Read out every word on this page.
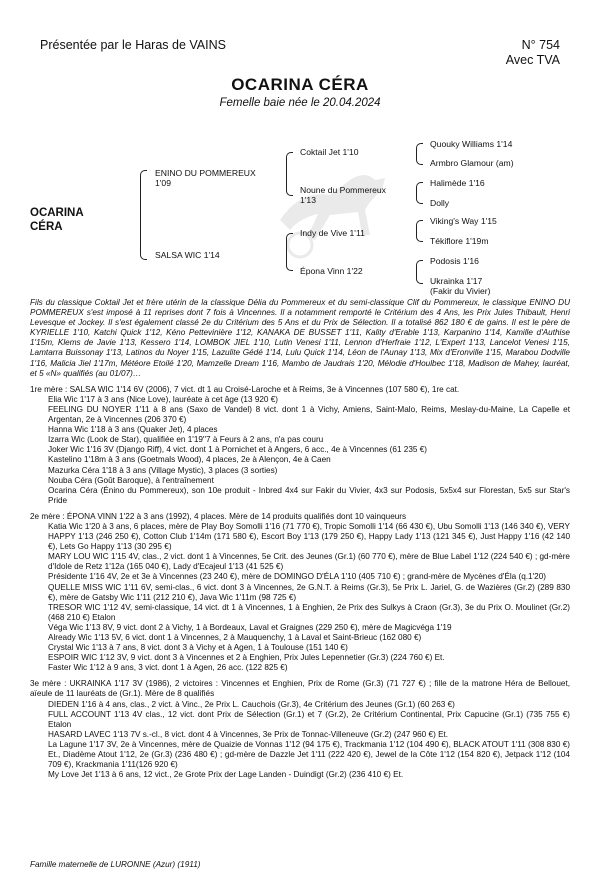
Présentée par le Haras de VAINS	N° 754
Avec TVA
OCARINA CÉRA
Femelle baie née le 20.04.2024
OCARINA
CÉRA
ENINO DU POMMEREUX
1'09
SALSA WIC 1'14
Coktail Jet 1'10
Noune du Pommereux
1'13
Indy de Vive 1'11
Épona Vinn 1'22
Quouky Williams 1'14
Armbro Glamour (am)
Halimède 1'16
Dolly
Viking's Way 1'15
Tékiflore 1'19m
Podosis 1'16
Ukrainka 1'17
(Fakir du Vivier)

Fils du classique Coktail Jet et frère utérin de la classique Délia du Pommereux et du semi-classique Clif du Pommereux, le classique ENINO DU POMMEREUX s'est imposé à 11 reprises dont 7 fois à Vincennes. Il a notamment remporté le Critérium des 4 Ans, les Prix Jules Thibault, Henri Levesque et Jockey. Il s'est également classé 2e du Critérium des 5 Ans et du Prix de Sélection. Il a totalisé 862 180 € de gains. Il est le père de KYRIELLE 1'10, Katchi Quick 1'12, Kéno Pettevinière 1'12, KANAKA DE BUSSET 1'11, Kality d'Erable 1'13, Karpanino 1'14, Kamille d'Authise 1'15m, Klems de Javie 1'13, Kessero 1'14, LOMBOK JIEL 1'10, Lutin Venesi 1'11, Lennon d'Herfraie 1'12, L'Expert 1'13, Lancelot Venesi 1'15, Lamtarra Buissonay 1'13, Latinos du Noyer 1'15, Lazulite Gédé 1'14, Lulu Quick 1'14, Léon de l'Aunay 1'13, Mix d'Eronville 1'15, Marabou Dodville 1'16, Malicia Jiel 1'17m, Météore Etoilé 1'20, Mamzelle Dream 1'16, Mambo de Jaudrais 1'20, Mélodie d'Houlbec 1'18, Madison de Mahey, lauréat, et 5 «N» qualifiés (au 01/07)…

1re mère : SALSA WIC 1'14 6V (2006), 7 vict. dt 1 au Croisé-Laroche et à Reims, 3e à Vincennes (107 580 €), 1re cat.

Elia Wic 1'17 à 3 ans (Nice Love), lauréate à cet âge (13 920 €)

FEELING DU NOYER 1'11 à 8 ans (Saxo de Vandel) 8 vict. dont 1 à Vichy, Amiens, Saint-Malo, Reims, Meslay-du-Maine, La Capelle et Argentan, 2e à Vincennes (206 370 €)

Hanna Wic 1'18 à 3 ans (Quaker Jet), 4 places

Izarra Wic (Look de Star), qualifiée en 1'19''7 à Feurs à 2 ans, n'a pas couru

Joker Wic 1'16 3V (Django Riff), 4 vict. dont 1 à Pornichet et à Angers, 6 acc., 4e à Vincennes (61 235 €)

Kastelino 1'18m à 3 ans (Goetmals Wood), 4 places, 2e à Alençon, 4e à Caen

Mazurka Céra 1'18 à 3 ans (Village Mystic), 3 places (3 sorties)

Nouba Céra (Goût Baroque), à l'entraînement

Ocarina Céra (Énino du Pommereux), son 10e produit - Inbred 4x4 sur Fakir du Vivier, 4x3 sur Podosis, 5x5x4 sur Florestan, 5x5 sur Star's Pride

2e mère : ÉPONA VINN 1'22 à 3 ans (1992), 4 places. Mère de 14 produits qualifiés dont 10 vainqueurs

Katia Wic 1'20 à 3 ans, 6 places, mère de Play Boy Somolli 1'16 (71 770 €), Tropic Somolli 1'14 (66 430 €), Ubu Somolli 1'13 (146 340 €), VERY HAPPY 1'13 (246 250 €), Cotton Club 1'14m (171 580 €), Escort Boy 1'13 (179 250 €), Happy Lady 1'13 (121 345 €), Just Happy 1'16 (42 140 €), Lets Go Happy 1'13 (30 295 €)

MARY LOU WIC 1'15 4V, clas., 2 vict. dont 1 à Vincennes, 5e Crit. des Jeunes (Gr.1) (60 770 €), mère de Blue Label 1'12 (224 540 €) ; gd-mère d'Idole de Retz 1'12a (165 040 €), Lady d'Ecajeul 1'13 (41 525 €)

Présidente 1'16 4V, 2e et 3e à Vincennes (23 240 €), mère de DOMINGO D'ÉLA 1'10 (405 710 €) ; grand-mère de Mycènes d'Éla (q.1'20)

QUELLE MISS WIC 1'11 6V, semi-clas., 6 vict. dont 3 à Vincennes, 2e G.N.T. à Reims (Gr.3), 5e Prix L. Jariel, G. de Wazières (Gr.2) (289 830 €), mère de Gatsby Wic 1'11 (212 210 €), Java Wic 1'11m (98 725 €)

TRESOR WIC 1'12 4V, semi-classique, 14 vict. dt 1 à Vincennes, 1 à Enghien, 2e Prix des Sulkys à Craon (Gr.3), 3e du Prix O. Moulinet (Gr.2) (468 210 €) Etalon

Véga Wic 1'13 8V, 9 vict. dont 2 à Vichy, 1 à Bordeaux, Laval et Graignes (229 250 €), mère de Magicvéga 1'19

Already Wic 1'13 5V, 6 vict. dont 1 à Vincennes, 2 à Mauquenchy, 1 à Laval et Saint-Brieuc (162 080 €)

Crystal Wic 1'13 à 7 ans, 8 vict. dont 3 à Vichy et à Agen, 1 à Toulouse (151 140 €)

ESPOIR WIC 1'12 3V, 9 vict. dont 3 à Vincennes et 2 à Enghien, Prix Jules Lepennetier (Gr.3) (224 760 €) Et.

Faster Wic 1'12 à 9 ans, 3 vict. dont 1 à Agen, 26 acc. (122 825 €)

3e mère : UKRAINKA 1'17 3V (1986), 2 victoires : Vincennes et Enghien, Prix de Rome (Gr.3) (71 727 €) ; fille de la matrone Héra de Bellouet, aïeule de 11 lauréats de (Gr.1). Mère de 8 qualifiés

DIEDEN 1'16 à 4 ans, clas., 2 vict. à Vinc., 2e Prix L. Cauchois (Gr.3), 4e Critérium des Jeunes (Gr.1) (60 263 €)

FULL ACCOUNT 1'13 4V clas., 12 vict. dont Prix de Sélection (Gr.1) et 7 (Gr.2), 2e Critérium Continental, Prix Capucine (Gr.1) (735 755 €) Etalon

HASARD LAVEC 1'13 7V s.-cl., 8 vict. dont 4 à Vincennes, 3e Prix de Tonnac-Villeneuve (Gr.2) (247 960 €) Et.

La Lagune 1'17 3V, 2e à Vincennes, mère de Quaizie de Vonnas 1'12 (94 175 €), Trackmania 1'12 (104 490 €), BLACK ATOUT 1'11 (308 830 €) Et., Diadème Atout 1'12, 2e (Gr.3) (236 480 €) ; gd-mère de Dazzle Jet 1'11 (222 420 €), Jewel de la Côte 1'12 (154 820 €), Jetpack 1'12 (104 709 €), Krackmania 1'11(126 920 €)

My Love Jet 1'13 à 6 ans, 12 vict., 2e Grote Prix der Lage Landen - Duindigt (Gr.2) (236 410 €) Et.

Famille maternelle de LURONNE (Azur) (1911)
